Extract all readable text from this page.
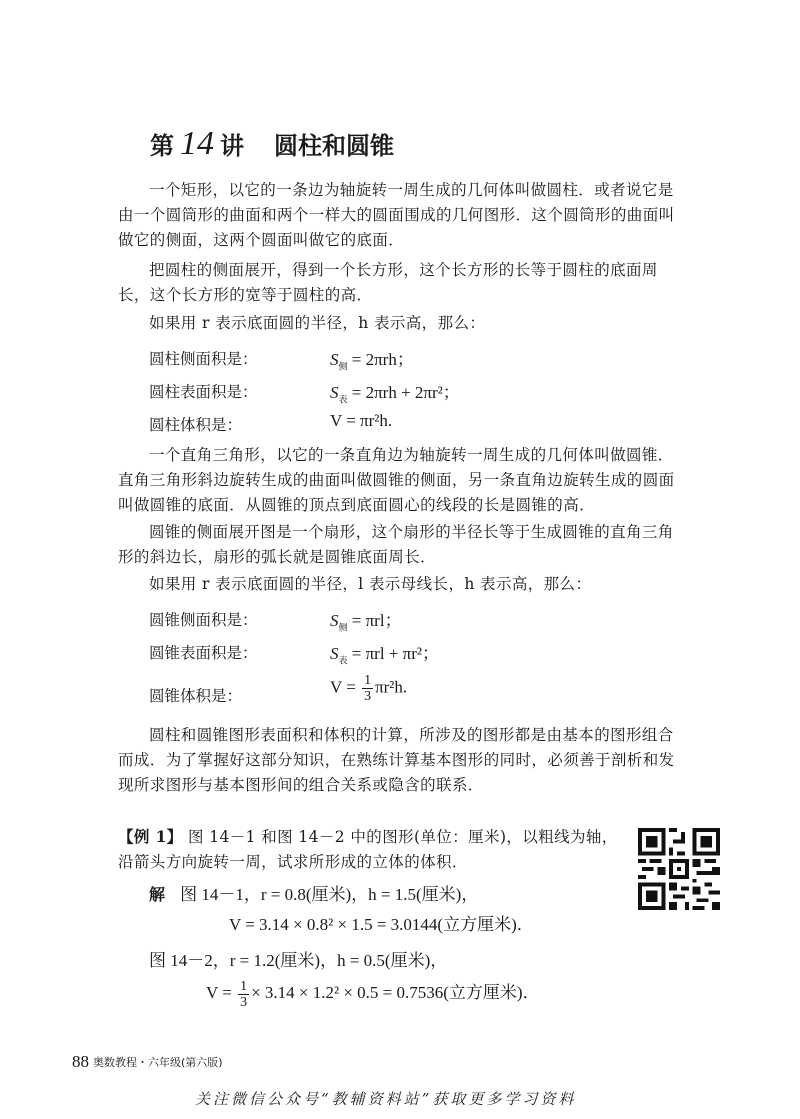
第 14 讲 圆柱和圆锥

一个矩形，以它的一条边为轴旋转一周生成的几何体叫做圆柱．或者说它是由一个圆筒形的曲面和两个一样大的圆面围成的几何图形．这个圆筒形的曲面叫做它的侧面，这两个圆面叫做它的底面．

把圆柱的侧面展开，得到一个长方形，这个长方形的长等于圆柱的底面周长，这个长方形的宽等于圆柱的高．

如果用 r 表示底面圆的半径，h 表示高，那么：

圆柱侧面积是：	$S_侧 = 2\pi rh$；
圆柱表面积是：	$S_表 = 2\pi rh + 2\pi r^2$；
圆柱体积是：	V = πr²h.

一个直角三角形，以它的一条直角边为轴旋转一周生成的几何体叫做圆锥．直角三角形斜边旋转生成的曲面叫做圆锥的侧面，另一条直角边旋转生成的圆面叫做圆锥的底面．从圆锥的顶点到底面圆心的线段的长是圆锥的高．

圆锥的侧面展开图是一个扇形，这个扇形的半径长等于生成圆锥的直角三角形的斜边长，扇形的弧长就是圆锥底面周长．

如果用 r 表示底面圆的半径，l 表示母线长，h 表示高，那么：

圆锥侧面积是：	$S_侧 = \pi rl$；
圆锥表面积是：	$S_表 = \pi rl + \pi r^2$；
圆锥体积是：	$V = \frac{1}{3} \pi r^2h$.

圆柱和圆锥图形表面积和体积的计算，所涉及的图形都是由基本的图形组合而成．为了掌握好这部分知识，在熟练计算基本图形的同时，必须善于剖析和发现所求图形与基本图形间的组合关系或隐含的联系．

【例 1】 图 14－1 和图 14－2 中的图形(单位：厘米)，以粗线为轴，沿箭头方向旋转一周，试求所形成的立体的体积．
解 图 14－1，r = 0.8(厘米)，h = 1.5(厘米)，
V = 3.14 × 0.8² × 1.5 = 3.0144(立方厘米)．
图 14－2，r = 1.2(厘米)，h = 0.5(厘米)，
$V = \frac{1}{3} \times 3.14 \times 1.2^2 \times 0.5 = 0.7536$(立方厘米)．
88 奥数教程・六年级(第六版)
关注微信公众号“教辅资料站”获取更多学习资料
